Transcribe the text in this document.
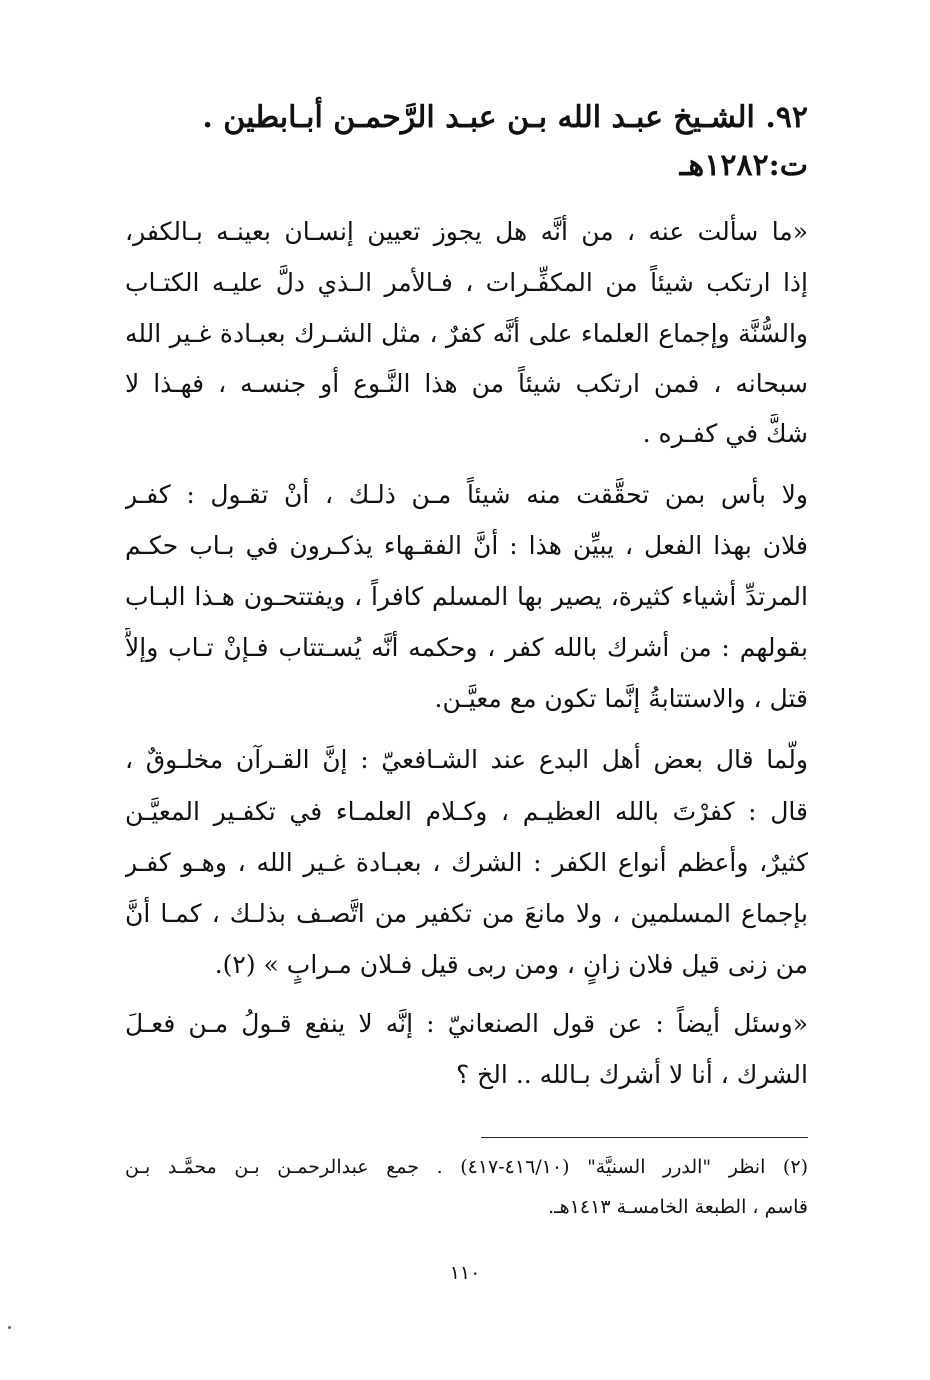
٩٢. الشـيخ عبـد الله بـن عبـد الرَّحمـن أبـابطين .
ت:١٢٨٢هـ
«ما سألت عنه ، من أنَّه هل يجوز تعيين إنسـان بعينـه بـالكفر،
إذا ارتكب شيئاً من المكفِّـرات ، فـالأمر الـذي دلَّ عليـه الكتـاب
والسُّنَّة وإجماع العلماء على أنَّه كفرٌ ، مثل الشـرك بعبـادة غـير الله
سبحانه ، فمن ارتكب شيئاً من هذا النَّـوع أو جنسـه ، فهـذا لا
شكَّ في كفـره .
ولا بأس بمن تحقَّقت منه شيئاً مـن ذلـك ، أنْ تقـول : كفـر
فلان بهذا الفعل ، يبيِّن هذا : أنَّ الفقـهاء يذكـرون في بـاب حكـم
المرتدِّ أشياء كثيرة، يصير بها المسلم كافراً ، ويفتتحـون هـذا البـاب
بقولهم : من أشرك بالله كفر ، وحكمه أنَّه يُسـتتاب فـإنْ تـاب وإلاَّ
قتل ، والاستتابةُ إنَّما تكون مع معيَّـن.
ولَّما قال بعض أهل البدع عند الشـافعيّ : إنَّ القـرآن مخلـوقٌ ،
قال : كفرْتَ بالله العظيـم ، وكـلام العلمـاء في تكفـير المعيَّـن
كثيرٌ، وأعظم أنواع الكفر : الشرك ، بعبـادة غـير الله ، وهـو كفـر
بإجماع المسلمين ، ولا مانعَ من تكفير من اتَّصـف بذلـك ، كمـا أنَّ
من زنى قيل فلان زانٍ ، ومن ربى قيل فـلان مـرابٍ » (٢).
«وسئل أيضاً : عن قول الصنعانيّ : إنَّه لا ينفع قـولُ مـن فعـلَ
الشرك ، أنا لا أشرك بـالله .. الخ ؟
(٢) انظر "الدرر السنيَّة" (٤١٦/١٠-٤١٧) . جمع عبدالرحمـن بـن محمَّـد بـن
قاسم ، الطبعة الخامسـة ١٤١٣هـ.
١١٠
